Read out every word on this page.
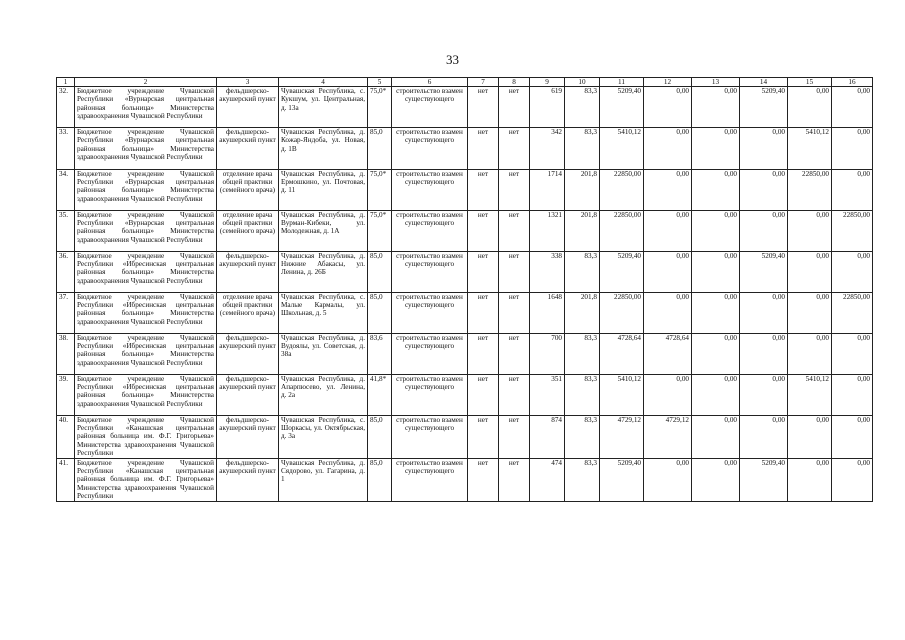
33
1	2	3	4	5	6	7	8	9	10	11	12	13	14	15	16
32.	Бюджетное учреждение Чувашской Республики «Вурнарская центральная районная больница» Министерства здравоохранения Чувашской Республики	фельдшерско-акушерский пункт	Чувашская Республика, с. Кукшум, ул. Центральная, д. 13а	75,0*	строительство взамен существующего	нет	нет	619	83,3	5209,40	0,00	0,00	5209,40	0,00	0,00
33.	Бюджетное учреждение Чувашской Республики «Вурнарская центральная районная больница» Министерства здравоохранения Чувашской Республики	фельдшерско-акушерский пункт	Чувашская Республика, д. Кожар-Яндоба, ул. Новая, д. 1В	85,0	строительство взамен существующего	нет	нет	342	83,3	5410,12	0,00	0,00	0,00	5410,12	0,00
34.	Бюджетное учреждение Чувашской Республики «Вурнарская центральная районная больница» Министерства здравоохранения Чувашской Республики	отделение врача общей практики (семейного врача)	Чувашская Республика, д. Ермошкино, ул. Почтовая, д. 11	75,0*	строительство взамен существующего	нет	нет	1714	201,8	22850,00	0,00	0,00	0,00	22850,00	0,00
35.	Бюджетное учреждение Чувашской Республики «Вурнарская центральная районная больница» Министерства здравоохранения Чувашской Республики	отделение врача общей практики (семейного врача)	Чувашская Республика, д. Вурман-Кибеки, ул. Молодежная, д. 1А	75,0*	строительство взамен существующего	нет	нет	1321	201,8	22850,00	0,00	0,00	0,00	0,00	22850,00
36.	Бюджетное учреждение Чувашской Республики «Ибресинская центральная районная больница» Министерства здравоохранения Чувашской Республики	фельдшерско-акушерский пункт	Чувашская Республика, д. Нижние Абакасы, ул. Ленина, д. 26Б	85,0	строительство взамен существующего	нет	нет	338	83,3	5209,40	0,00	0,00	5209,40	0,00	0,00
37.	Бюджетное учреждение Чувашской Республики «Ибресинская центральная районная больница» Министерства здравоохранения Чувашской Республики	отделение врача общей практики (семейного врача)	Чувашская Республика, с. Малые Кармалы, ул. Школьная, д. 5	85,0	строительство взамен существующего	нет	нет	1648	201,8	22850,00	0,00	0,00	0,00	0,00	22850,00
38.	Бюджетное учреждение Чувашской Республики «Ибресинская центральная районная больница» Министерства здравоохранения Чувашской Республики	фельдшерско-акушерский пункт	Чувашская Республика, д. Вудоялы, ул. Советская, д. 38а	83,6	строительство взамен существующего	нет	нет	700	83,3	4728,64	4728,64	0,00	0,00	0,00	0,00
39.	Бюджетное учреждение Чувашской Республики «Ибресинская центральная районная больница» Министерства здравоохранения Чувашской Республики	фельдшерско-акушерский пункт	Чувашская Республика, д. Апарпюсево, ул. Ленина, д. 2а	41,8*	строительство взамен существующего	нет	нет	351	83,3	5410,12	0,00	0,00	0,00	5410,12	0,00
40.	Бюджетное учреждение Чувашской Республики «Канашская центральная районная больница им. Ф.Г. Григорьева» Министерства здравоохранения Чувашской Республики	фельдшерско-акушерский пункт	Чувашская Республика, с. Шоркасы, ул. Октябрьская, д. 3а	85,0	строительство взамен существующего	нет	нет	874	83,3	4729,12	4729,12	0,00	0,00	0,00	0,00
41.	Бюджетное учреждение Чувашской Республики «Канашская центральная районная больница им. Ф.Г. Григорьева» Министерства здравоохранения Чувашской Республики	фельдшерско-акушерский пункт	Чувашская Республика, д. Сядорово, ул. Гагарина, д. 1	85,0	строительство взамен существующего	нет	нет	474	83,3	5209,40	0,00	0,00	5209,40	0,00	0,00
